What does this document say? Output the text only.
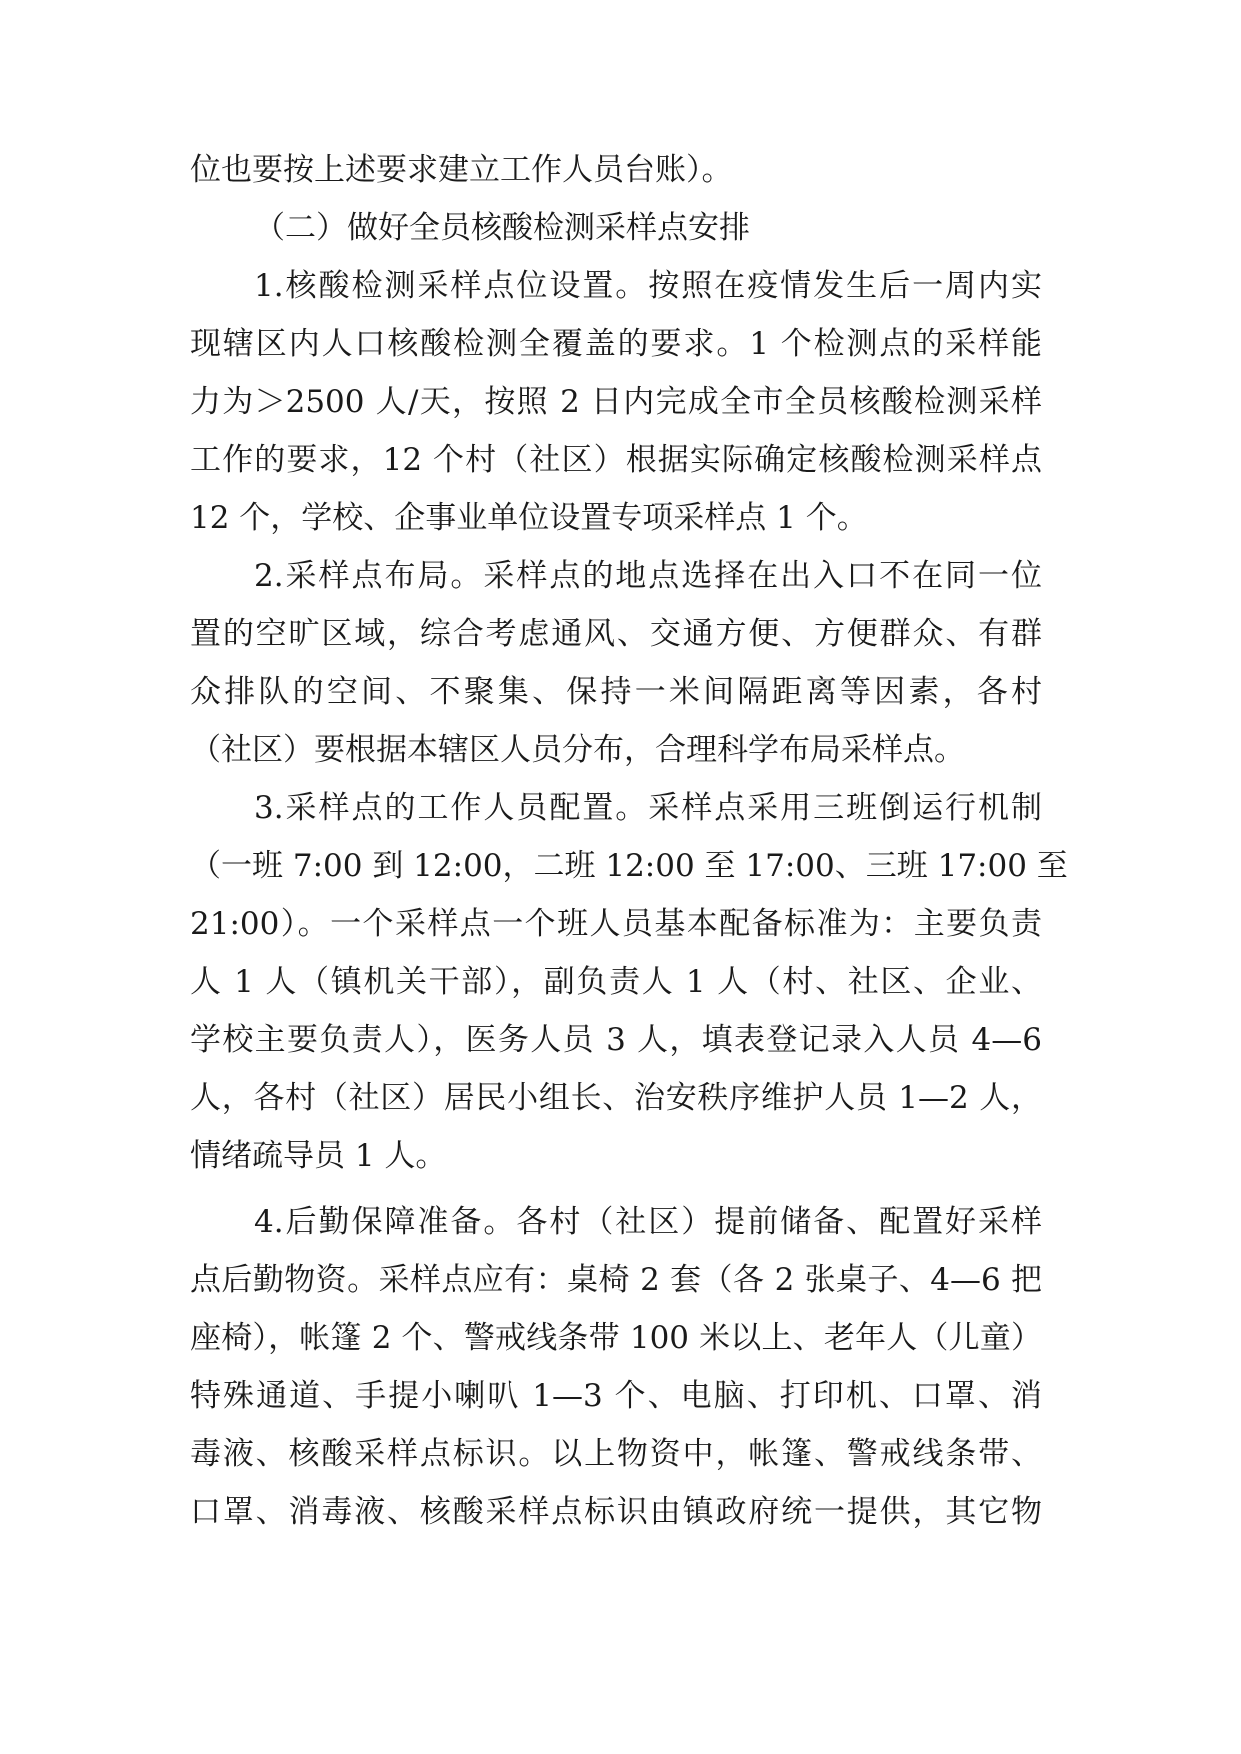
位也要按上述要求建立工作人员台账）。
（二）做好全员核酸检测采样点安排
1.核酸检测采样点位设置。按照在疫情发生后一周内实
现辖区内人口核酸检测全覆盖的要求。1 个检测点的采样能
力为＞2500 人/天，按照 2 日内完成全市全员核酸检测采样
工作的要求，12 个村（社区）根据实际确定核酸检测采样点
12 个，学校、企事业单位设置专项采样点 1 个。
2.采样点布局。采样点的地点选择在出入口不在同一位
置的空旷区域，综合考虑通风、交通方便、方便群众、有群
众排队的空间、不聚集、保持一米间隔距离等因素，各村
（社区）要根据本辖区人员分布，合理科学布局采样点。
3.采样点的工作人员配置。采样点采用三班倒运行机制
（一班 7:00 到 12:00，二班 12:00 至 17:00、三班 17:00 至
21:00）。一个采样点一个班人员基本配备标准为：主要负责
人 1 人（镇机关干部），副负责人 1 人（村、社区、企业、
学校主要负责人），医务人员 3 人，填表登记录入人员 4—6
人，各村（社区）居民小组长、治安秩序维护人员 1—2 人，
情绪疏导员 1 人。
4.后勤保障准备。各村（社区）提前储备、配置好采样
点后勤物资。采样点应有：桌椅 2 套（各 2 张桌子、4—6 把
座椅），帐篷 2 个、警戒线条带 100 米以上、老年人（儿童）
特殊通道、手提小喇叭 1—3 个、电脑、打印机、口罩、消
毒液、核酸采样点标识。以上物资中，帐篷、警戒线条带、
口罩、消毒液、核酸采样点标识由镇政府统一提供，其它物
